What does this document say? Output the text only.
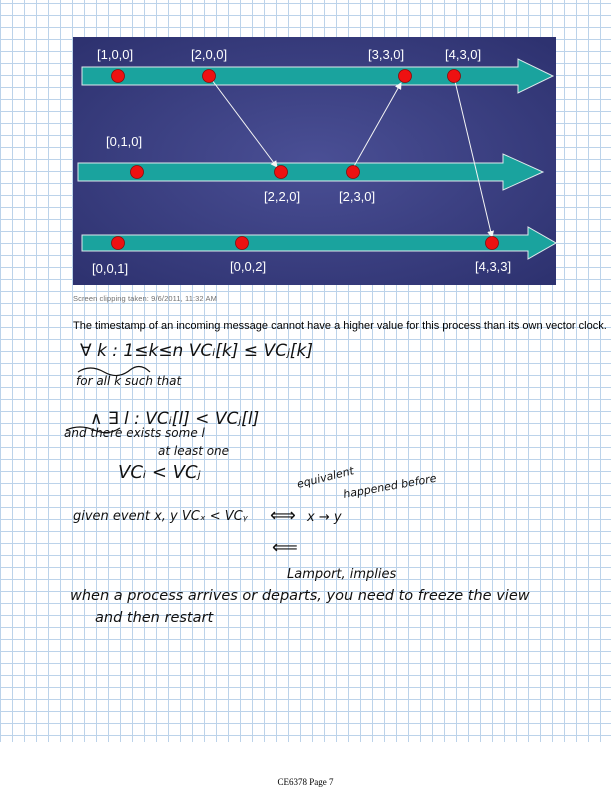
[1,0,0]	[2,0,0]	[3,3,0]	[4,3,0]
[0,1,0]
[2,2,0]	[2,3,0]
[0,0,1]	[0,0,2]	[4,3,3]
Screen clipping taken: 9/6/2011, 11:32 AM
The timestamp of an incoming message cannot have a higher value for this process than its own vector clock.
∀ k : 1≤k≤n VCᵢ[k] ≤ VCⱼ[k]
for all k such that
∧ ∃ l : VCᵢ[l] < VCⱼ[l]
and there exists some l
at least one
VCᵢ < VCⱼ	equivalent
happened before
given event x, y VCₓ < VCᵧ ⟺ x → y
⟸
Lamport, implies
when a process arrives or departs, you need to freeze the view
and then restart
CE6378 Page 7
